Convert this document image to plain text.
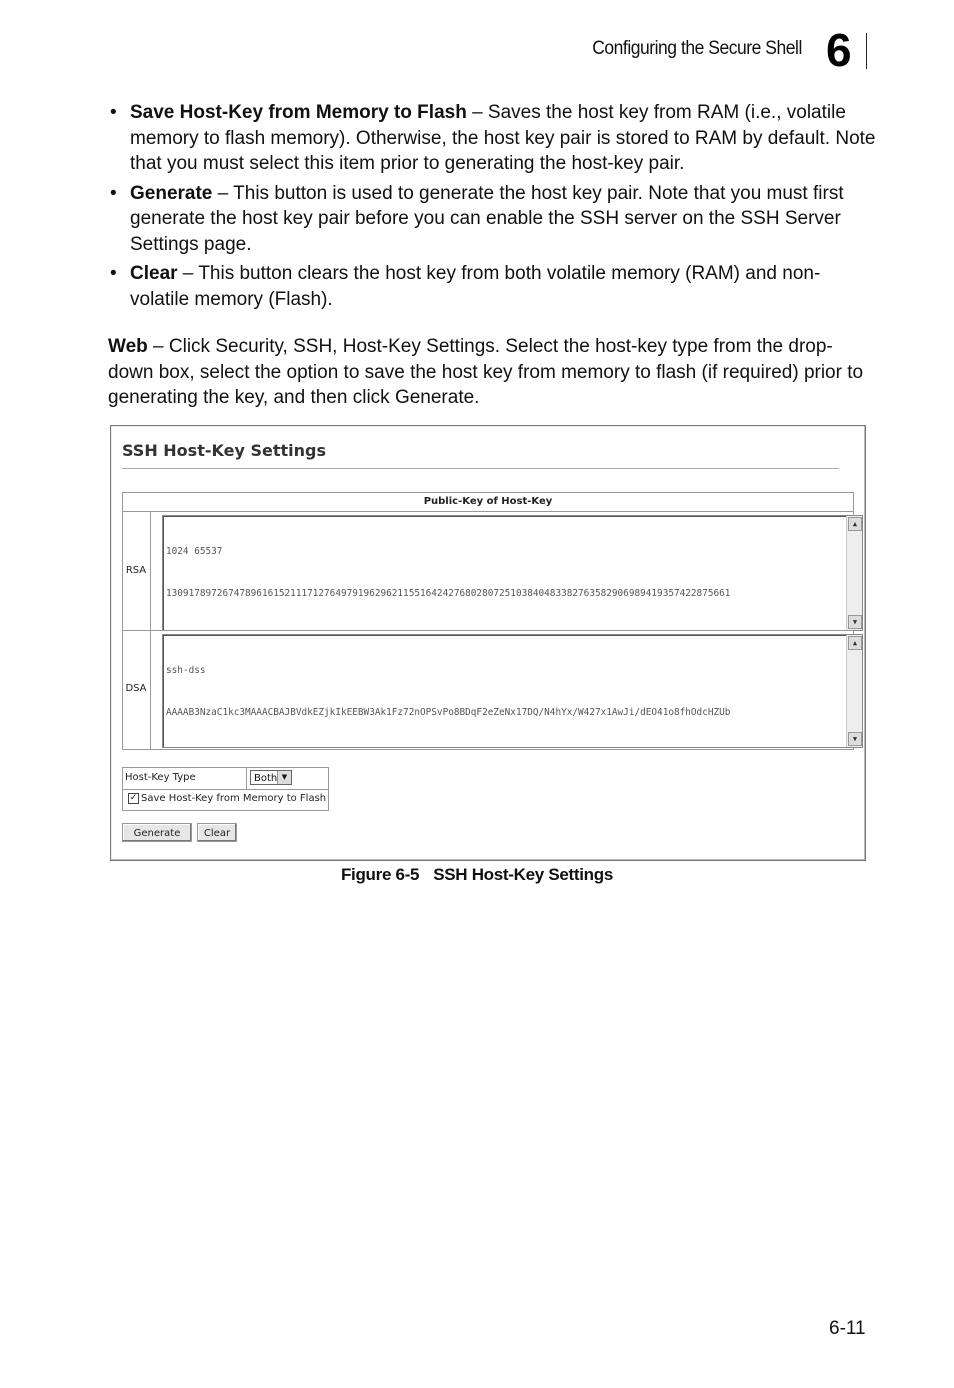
Configuring the Secure Shell 6
• Save Host-Key from Memory to Flash – Saves the host key from RAM (i.e., volatile memory to flash memory). Otherwise, the host key pair is stored to RAM by default. Note that you must select this item prior to generating the host-key pair.
• Generate – This button is used to generate the host key pair. Note that you must first generate the host key pair before you can enable the SSH server on the SSH Server Settings page.
• Clear – This button clears the host key from both volatile memory (RAM) and non-volatile memory (Flash).

Web – Click Security, SSH, Host-Key Settings. Select the host-key type from the drop-down box, select the option to save the host key from memory to flash (if required) prior to generating the key, and then click Generate.

SSH Host-Key Settings
Public-Key of Host-Key
RSA

1024 65537

1309178972674789616152111712764979196296211551642427680280725103840483382763582906989419357422875661

▲
▼
DSA

ssh-dss

AAAAB3NzaC1kc3MAAACBAJBVdkEZjkIkEEBW3Ak1Fz72nOPSvPo8BDqF2eZeNx17DQ/N4hYx/W427x1AwJi/dEO41o8fhOdcHZUb

▲
▼
Host-Key Type	Both ▼
✓ Save Host-Key from Memory to Flash
Generate	Clear
Figure 6-5 SSH Host-Key Settings
6-11
